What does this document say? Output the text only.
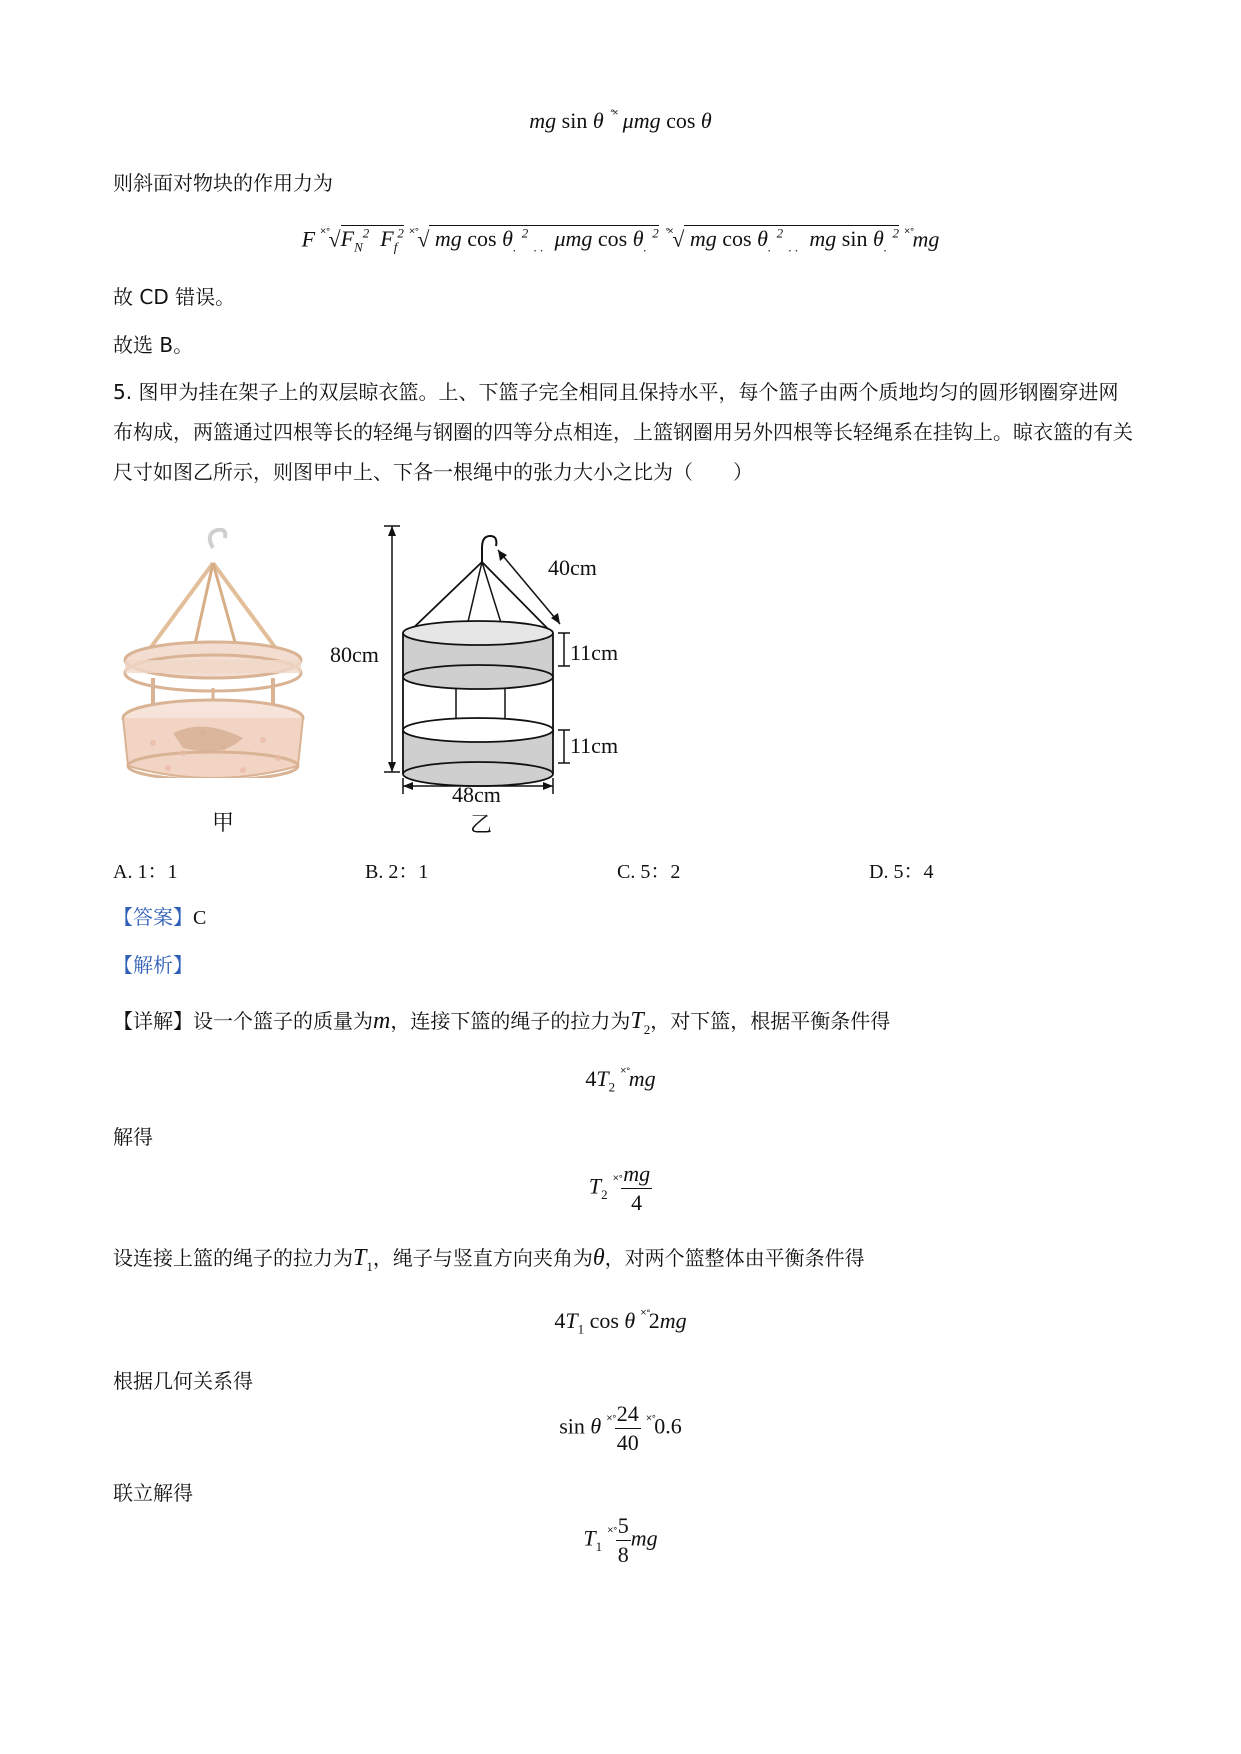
mg sin θ ˚˟ μmg cos θ
则斜面对物块的作用力为
F $^{˟˚}√F_N^2$  $F_f^2$ ˟˚√ mg $\cos \theta_.$ $^2$ $_{. .}$  μmg $\cos \theta_.$ $^2$ ˚˟√ mg $\cos \theta_.$ $^2$ $_{. .}$  mg $\sin \theta_.$ $^2$ ˟˚mg
故 CD 错误。
故选 B。
5. 图甲为挂在架子上的双层晾衣篮。上、下篮子完全相同且保持水平，每个篮子由两个质地均匀的圆形钢圈穿进网布构成，两篮通过四根等长的轻绳与钢圈的四等分点相连，上篮钢圈用另外四根等长轻绳系在挂钩上。晾衣篮的有关尺寸如图乙所示，则图甲中上、下各一根绳中的张力大小之比为（　　）
甲
40cm
80cm	11cm
11cm
48cm
乙
A. 1：1	B. 2：1	C. 5：2	D. 5：4
【答案】C
【解析】
【详解】设一个篮子的质量为m，连接下篮的绳子的拉力为$T_2$，对下篮，根据平衡条件得
$4T_2$ ˟˚mg
解得
$T_2$ $^{˟˚} \frac{mg}{4}$
设连接上篮的绳子的拉力为$T_1$，绳子与竖直方向夹角为θ，对两个篮整体由平衡条件得
$4T_1$ cos θ ˟˚2mg
根据几何关系得
sin θ $^{˟˚} \frac{24}{40} ^{˟˚}0.6$
联立解得
$T_1$ $^{˟˚} \frac{5}{8}$ mg
